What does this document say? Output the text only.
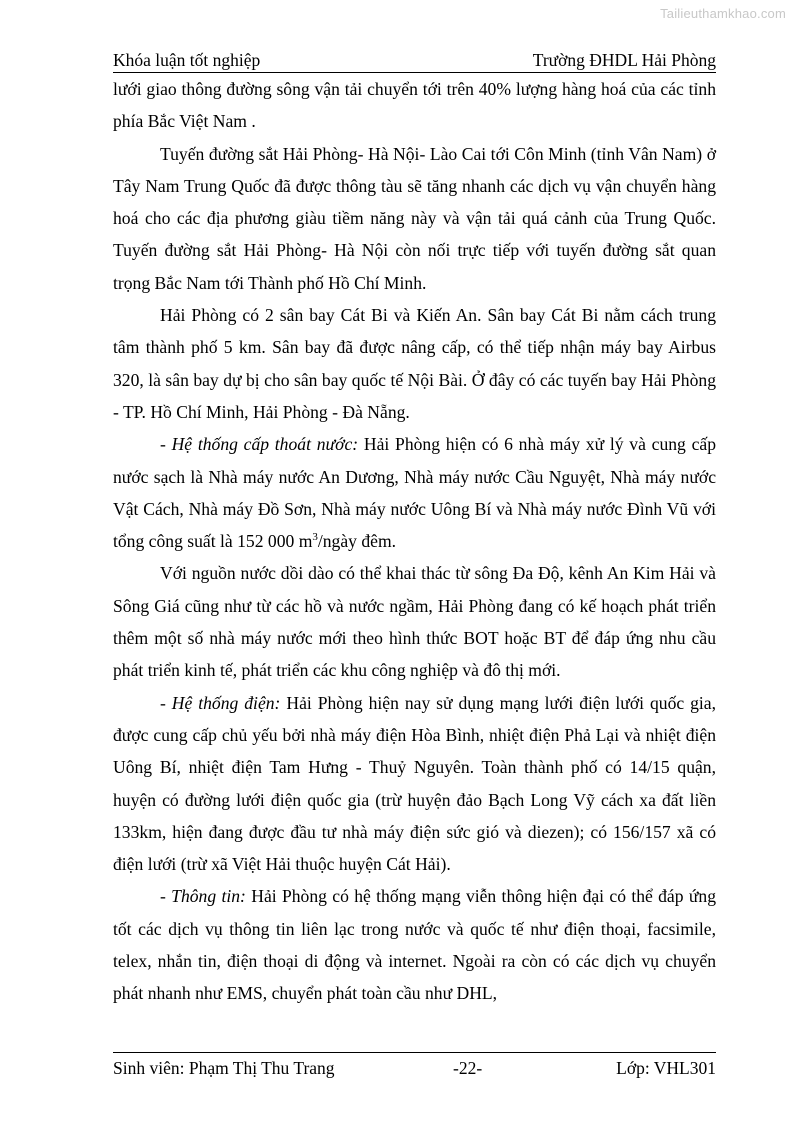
Tailieuthamkhao.com
Khóa luận tốt nghiệp	Trường ĐHDL Hải Phòng

lưới giao thông đường sông vận tải chuyển tới trên 40% lượng hàng hoá của các tỉnh phía Bắc Việt Nam .

Tuyến đường sắt Hải Phòng- Hà Nội- Lào Cai tới Côn Minh (tỉnh Vân Nam) ở Tây Nam Trung Quốc đã được thông tàu sẽ tăng nhanh các dịch vụ vận chuyển hàng hoá cho các địa phương giàu tiềm năng này và vận tải quá cảnh của Trung Quốc. Tuyến đường sắt Hải Phòng- Hà Nội còn nối trực tiếp với tuyến đường sắt quan trọng Bắc Nam tới Thành phố Hồ Chí Minh.

Hải Phòng có 2 sân bay Cát Bi và Kiến An. Sân bay Cát Bi nằm cách trung tâm thành phố 5 km. Sân bay đã được nâng cấp, có thể tiếp nhận máy bay Airbus 320, là sân bay dự bị cho sân bay quốc tế Nội Bài. Ở đây có các tuyến bay Hải Phòng - TP. Hồ Chí Minh, Hải Phòng - Đà Nẵng.

- Hệ thống cấp thoát nước: Hải Phòng hiện có 6 nhà máy xử lý và cung cấp nước sạch là Nhà máy nước An Dương, Nhà máy nước Cầu Nguyệt, Nhà máy nước Vật Cách, Nhà máy Đồ Sơn, Nhà máy nước Uông Bí và Nhà máy nước Đình Vũ với tổng công suất là 152 000 $m^3$/ngày đêm.

Với nguồn nước dồi dào có thể khai thác từ sông Đa Độ, kênh An Kim Hải và Sông Giá cũng như từ các hồ và nước ngầm, Hải Phòng đang có kế hoạch phát triển thêm một số nhà máy nước mới theo hình thức BOT hoặc BT để đáp ứng nhu cầu phát triển kinh tế, phát triển các khu công nghiệp và đô thị mới.

- Hệ thống điện: Hải Phòng hiện nay sử dụng mạng lưới điện lưới quốc gia, được cung cấp chủ yếu bởi nhà máy điện Hòa Bình, nhiệt điện Phả Lại và nhiệt điện Uông Bí, nhiệt điện Tam Hưng - Thuỷ Nguyên. Toàn thành phố có 14/15 quận, huyện có đường lưới điện quốc gia (trừ huyện đảo Bạch Long Vỹ cách xa đất liền 133km, hiện đang được đầu tư nhà máy điện sức gió và diezen); có 156/157 xã có điện lưới (trừ xã Việt Hải thuộc huyện Cát Hải).

- Thông tin: Hải Phòng có hệ thống mạng viễn thông hiện đại có thể đáp ứng tốt các dịch vụ thông tin liên lạc trong nước và quốc tế như điện thoại, facsimile, telex, nhắn tin, điện thoại di động và internet. Ngoài ra còn có các dịch vụ chuyển phát nhanh như EMS, chuyển phát toàn cầu như DHL,

Sinh viên: Phạm Thị Thu Trang	-22-	Lớp: VHL301
